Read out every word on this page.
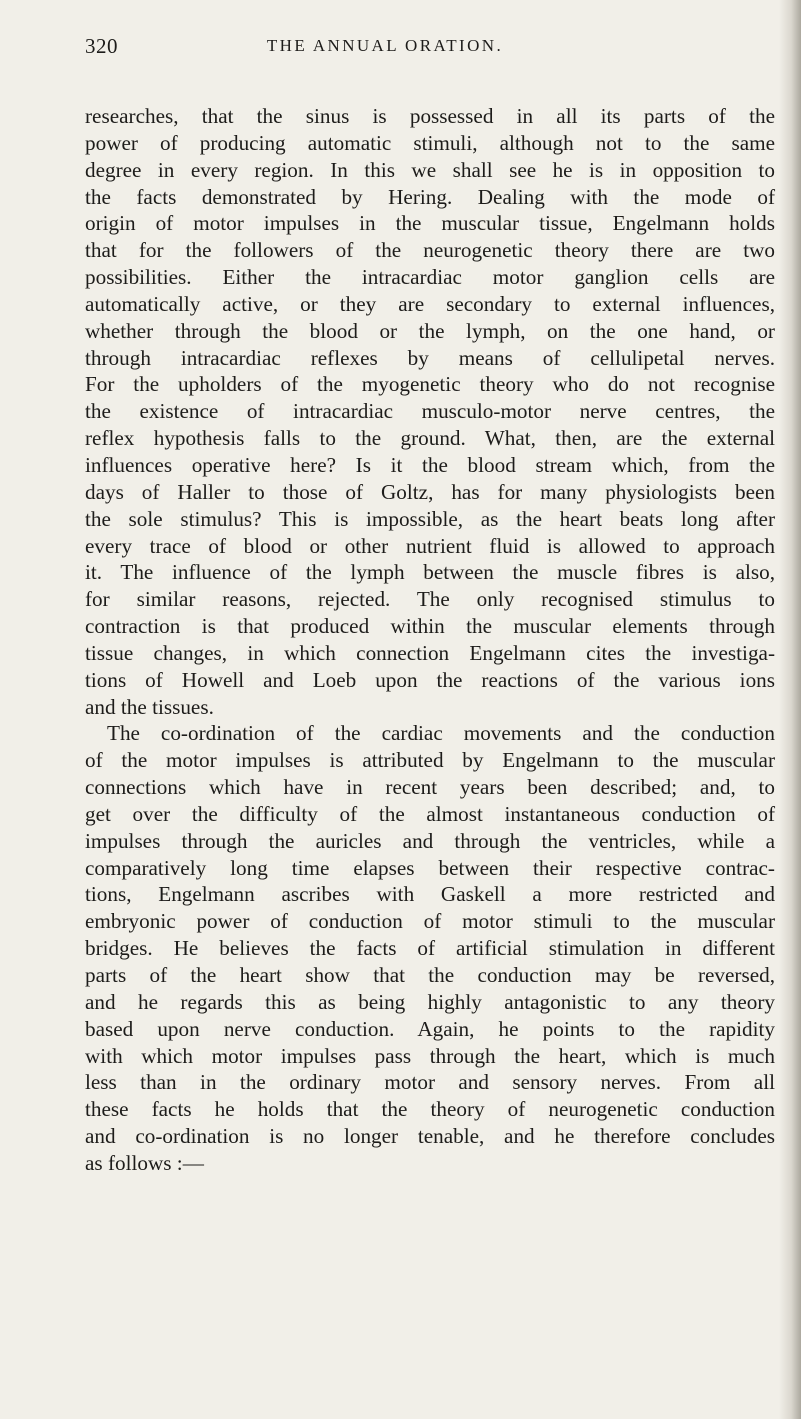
320	THE ANNUAL ORATION.
researches, that the sinus is possessed in all its parts of the
power of producing automatic stimuli, although not to the same
degree in every region. In this we shall see he is in opposition to
the facts demonstrated by Hering. Dealing with the mode of
origin of motor impulses in the muscular tissue, Engelmann holds
that for the followers of the neurogenetic theory there are two
possibilities. Either the intracardiac motor ganglion cells are
automatically active, or they are secondary to external influences,
whether through the blood or the lymph, on the one hand, or
through intracardiac reflexes by means of cellulipetal nerves.
For the upholders of the myogenetic theory who do not recognise
the existence of intracardiac musculo-motor nerve centres, the
reflex hypothesis falls to the ground. What, then, are the external
influences operative here? Is it the blood stream which, from the
days of Haller to those of Goltz, has for many physiologists been
the sole stimulus? This is impossible, as the heart beats long after
every trace of blood or other nutrient fluid is allowed to approach
it. The influence of the lymph between the muscle fibres is also,
for similar reasons, rejected. The only recognised stimulus to
contraction is that produced within the muscular elements through
tissue changes, in which connection Engelmann cites the investiga-
tions of Howell and Loeb upon the reactions of the various ions
and the tissues.
The co-ordination of the cardiac movements and the conduction
of the motor impulses is attributed by Engelmann to the muscular
connections which have in recent years been described; and, to
get over the difficulty of the almost instantaneous conduction of
impulses through the auricles and through the ventricles, while a
comparatively long time elapses between their respective contrac-
tions, Engelmann ascribes with Gaskell a more restricted and
embryonic power of conduction of motor stimuli to the muscular
bridges. He believes the facts of artificial stimulation in different
parts of the heart show that the conduction may be reversed,
and he regards this as being highly antagonistic to any theory
based upon nerve conduction. Again, he points to the rapidity
with which motor impulses pass through the heart, which is much
less than in the ordinary motor and sensory nerves. From all
these facts he holds that the theory of neurogenetic conduction
and co-ordination is no longer tenable, and he therefore concludes
as follows :—
